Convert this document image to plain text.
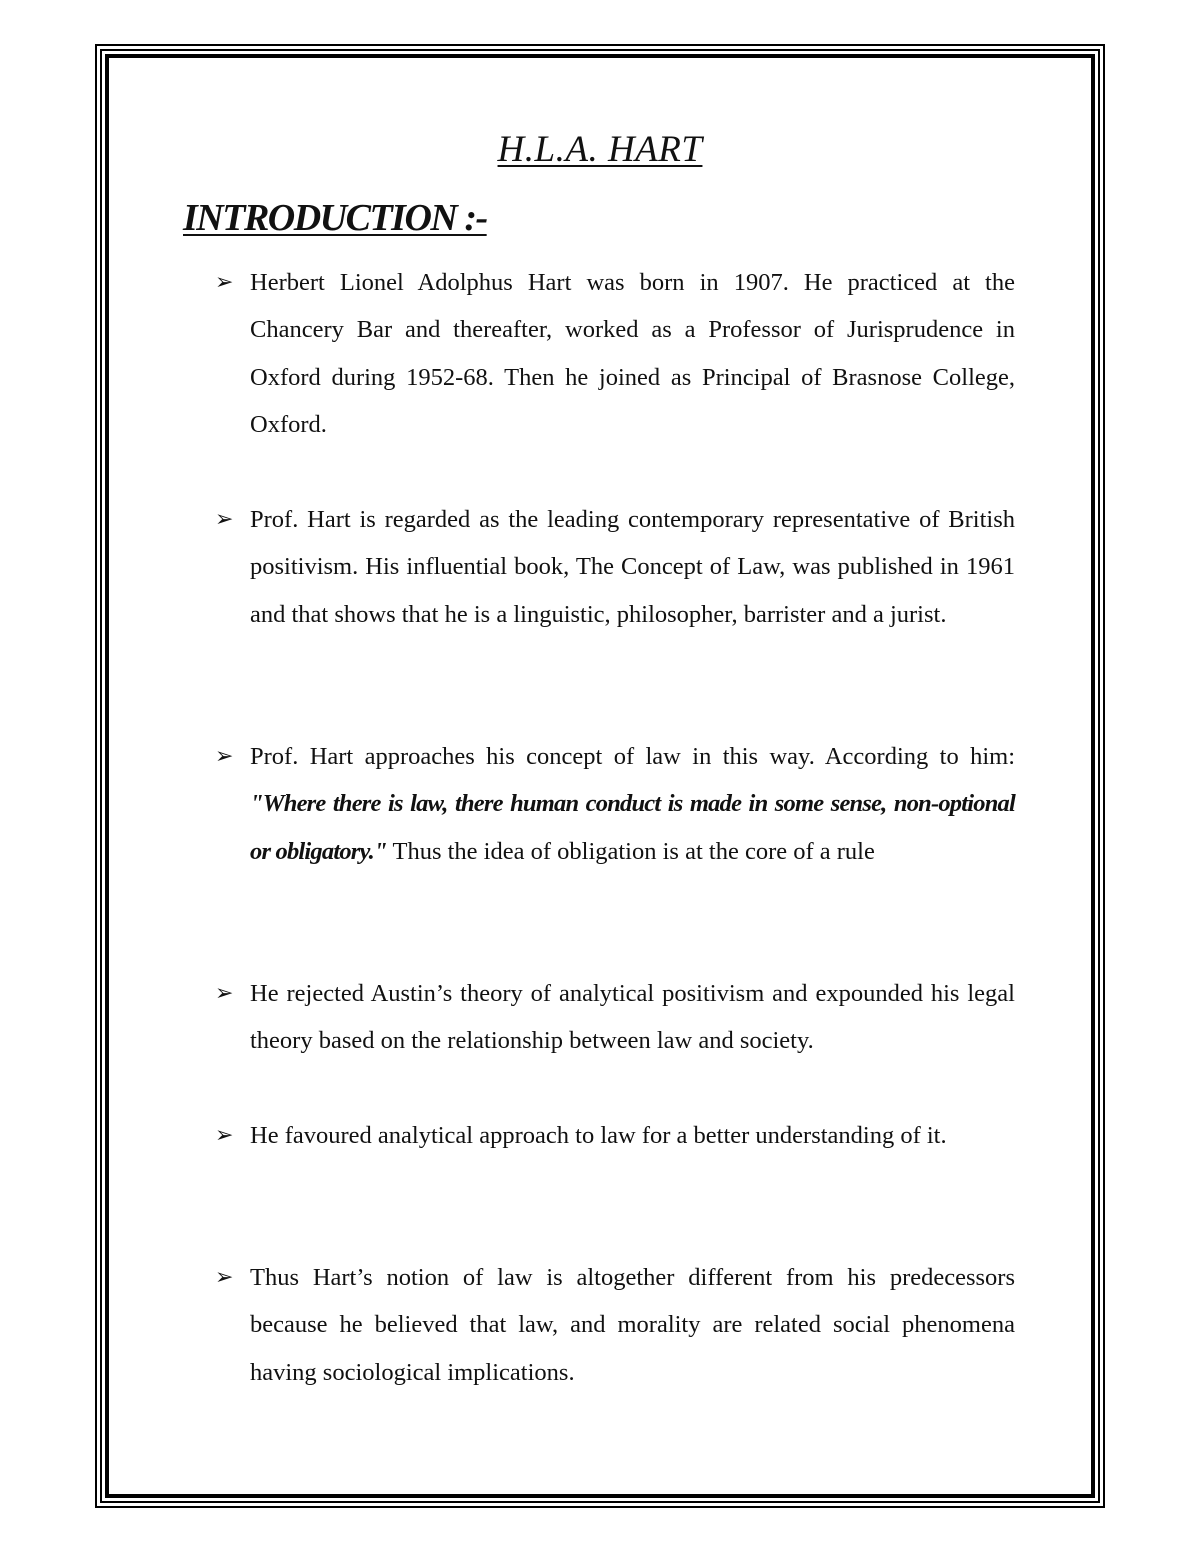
H.L.A. HART
INTRODUCTION :-
➢ Herbert Lionel Adolphus Hart was born in 1907. He practiced at the Chancery Bar and thereafter, worked as a Professor of Jurisprudence in Oxford during 1952-68. Then he joined as Principal of Brasnose College, Oxford.
➢ Prof. Hart is regarded as the leading contemporary representative of British positivism. His influential book, The Concept of Law, was published in 1961 and that shows that he is a linguistic, philosopher, barrister and a jurist.
➢ Prof. Hart approaches his concept of law in this way. According to him: "Where there is law, there human conduct is made in some sense, non-optional or obligatory." Thus the idea of obligation is at the core of a rule
➢ He rejected Austin’s theory of analytical positivism and expounded his legal theory based on the relationship between law and society.
➢ He favoured analytical approach to law for a better understanding of it.
➢ Thus Hart’s notion of law is altogether different from his predecessors because he believed that law, and morality are related social phenomena having sociological implications.
